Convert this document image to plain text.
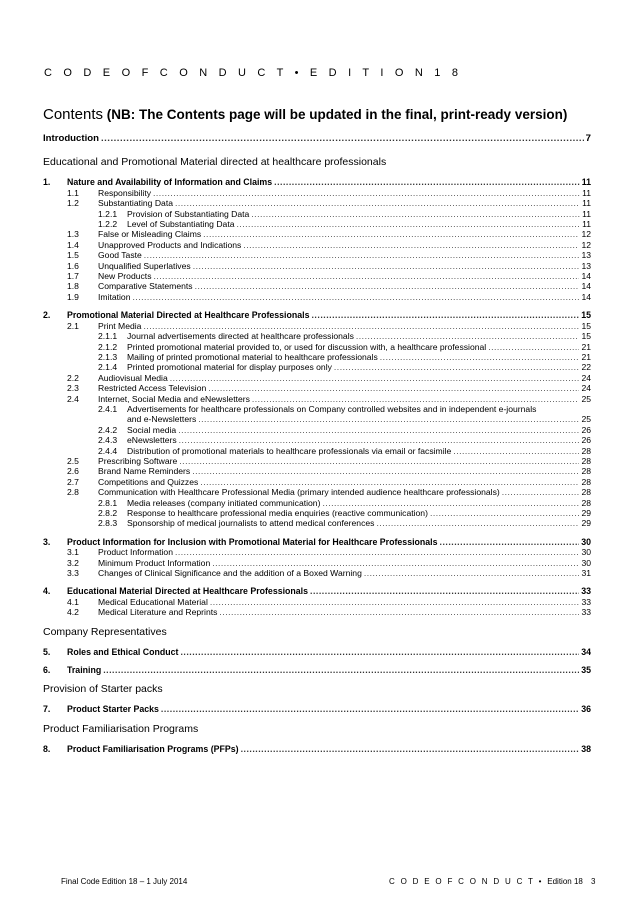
C O D E O F C O N D U C T • E D I T I O N 1 8
Contents (NB: The Contents page will be updated in the final, print-ready version)
Introduction .....	7
Educational and Promotional Material directed at healthcare professionals
1.	Nature and Availability of Information and Claims .....	11
1.1	Responsibility .....	11
1.2	Substantiating Data .....	11
1.2.1	Provision of Substantiating Data .....	11
1.2.2	Level of Substantiating Data .....	11
1.3	False or Misleading Claims .....	12
1.4	Unapproved Products and Indications .....	12
1.5	Good Taste .....	13
1.6	Unqualified Superlatives .....	13
1.7	New Products .....	14
1.8	Comparative Statements .....	14
1.9	Imitation .....	14
2.	Promotional Material Directed at Healthcare Professionals .....	15
2.1	Print Media .....	15
2.1.1	Journal advertisements directed at healthcare professionals .....	15
2.1.2	Printed promotional material provided to, or used for discussion with, a healthcare professional .....	21
2.1.3	Mailing of printed promotional material to healthcare professionals .....	21
2.1.4	Printed promotional material for display purposes only .....	22
2.2	Audiovisual Media .....	24
2.3	Restricted Access Television .....	24
2.4	Internet, Social Media and eNewsletters .....	25
2.4.1	Advertisements for healthcare professionals on Company controlled websites and in independent e-journals
and e-Newsletters .....	25
2.4.2	Social media .....	26
2.4.3	eNewsletters .....	26
2.4.4	Distribution of promotional materials to healthcare professionals via email or facsimile .....	28
2.5	Prescribing Software .....	28
2.6	Brand Name Reminders .....	28
2.7	Competitions and Quizzes .....	28
2.8	Communication with Healthcare Professional Media (primary intended audience healthcare professionals) .....	28
2.8.1	Media releases (company initiated communication) .....	28
2.8.2	Response to healthcare professional media enquiries (reactive communication) .....	29
2.8.3	Sponsorship of medical journalists to attend medical conferences .....	29
3.	Product Information for Inclusion with Promotional Material for Healthcare Professionals .....	30
3.1	Product Information .....	30
3.2	Minimum Product Information .....	30
3.3	Changes of Clinical Significance and the addition of a Boxed Warning .....	31
4.	Educational Material Directed at Healthcare Professionals .....	33
4.1	Medical Educational Material .....	33
4.2	Medical Literature and Reprints .....	33
Company Representatives
5.	Roles and Ethical Conduct .....	34
6.	Training .....	35
Provision of Starter packs
7.	Product Starter Packs .....	36
Product Familiarisation Programs
8.	Product Familiarisation Programs (PFPs) .....	38
Final Code Edition 18 – 1 July 2014	C O D E O F C O N D U C T • Edition 18 3
